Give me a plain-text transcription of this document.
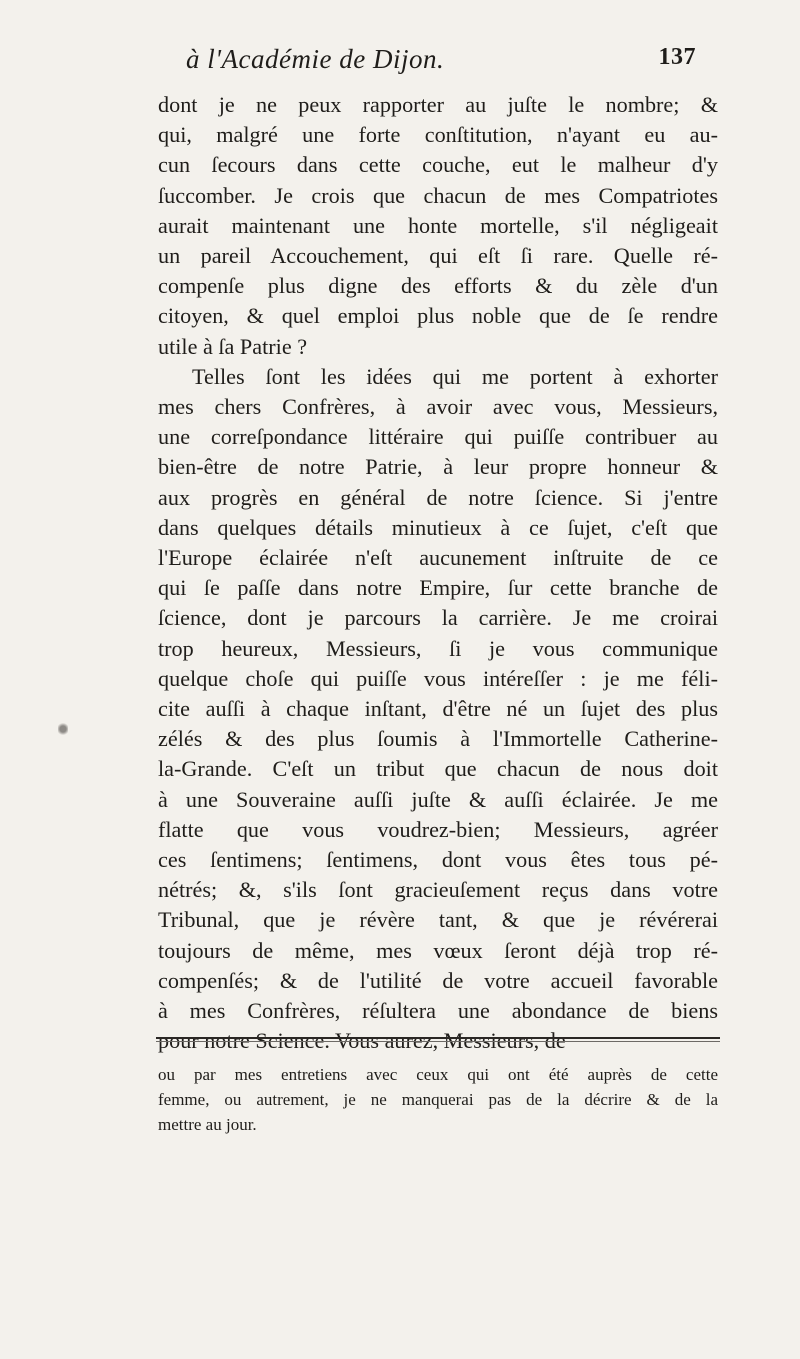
à l'Académie de Dijon.	137
dont je ne peux rapporter au juſte le nombre; &
qui, malgré une forte conſtitution, n'ayant eu au-
cun ſecours dans cette couche, eut le malheur d'y
ſuccomber. Je crois que chacun de mes Compatriotes
aurait maintenant une honte mortelle, s'il négligeait
un pareil Accouchement, qui eſt ſi rare. Quelle ré-
compenſe plus digne des efforts & du zèle d'un
citoyen, & quel emploi plus noble que de ſe rendre
utile à ſa Patrie ?
Telles ſont les idées qui me portent à exhorter
mes chers Confrères, à avoir avec vous, Messieurs,
une correſpondance littéraire qui puiſſe contribuer au
bien-être de notre Patrie, à leur propre honneur &
aux progrès en général de notre ſcience. Si j'entre
dans quelques détails minutieux à ce ſujet, c'eſt que
l'Europe éclairée n'eſt aucunement inſtruite de ce
qui ſe paſſe dans notre Empire, ſur cette branche de
ſcience, dont je parcours la carrière. Je me croirai
trop heureux, Messieurs, ſi je vous communique
quelque choſe qui puiſſe vous intéreſſer : je me féli-
cite auſſi à chaque inſtant, d'être né un ſujet des plus
zélés & des plus ſoumis à l'Immortelle Catherine-
la-Grande. C'eſt un tribut que chacun de nous doit
à une Souveraine auſſi juſte & auſſi éclairée. Je me
flatte que vous voudrez-bien; Messieurs, agréer
ces ſentimens; ſentimens, dont vous êtes tous pé-
nétrés; &, s'ils ſont gracieuſement reçus dans votre
Tribunal, que je révère tant, & que je révérerai
toujours de même, mes vœux ſeront déjà trop ré-
compenſés; & de l'utilité de votre accueil favorable
à mes Confrères, réſultera une abondance de biens
pour notre Science. Vous aurez, Messieurs, de
ou par mes entretiens avec ceux qui ont été auprès de cette
femme, ou autrement, je ne manquerai pas de la décrire & de la
mettre au jour.
